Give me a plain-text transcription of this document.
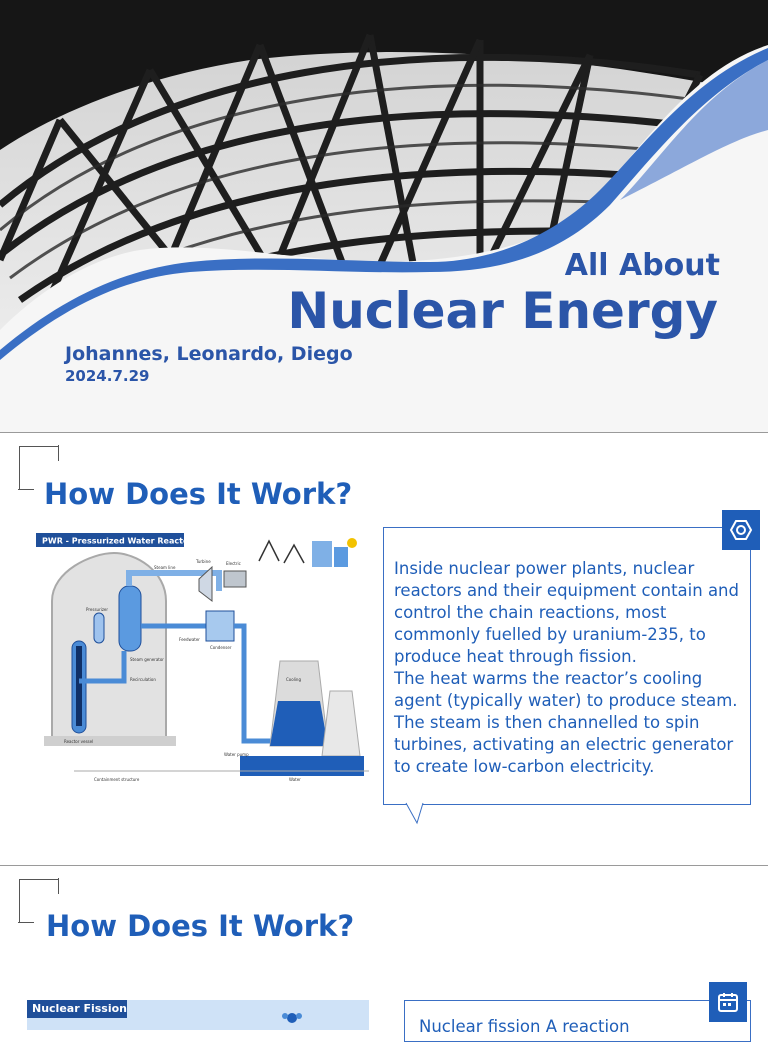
All About
Nuclear Energy
Johannes, Leonardo, Diego
2024.7.29
How Does It Work?
PWR - Pressurized Water Reactor
Steam line
Turbine	Electric
Pressurizer
Steam generator
Feedwater
Condenser
Cooling
Water
Reactor vessel
Recirculation
Water pump
Containment structure
Inside nuclear power plants, nuclear reactors and their equipment contain and control the chain reactions, most commonly fuelled by uranium-235, to produce heat through fission.
The heat warms the reactor’s cooling agent (typically water) to produce steam. The steam is then channelled to spin turbines, activating an electric generator to create low-carbon electricity.
How Does It Work?
Nuclear Fission
Nuclear fission A reaction
